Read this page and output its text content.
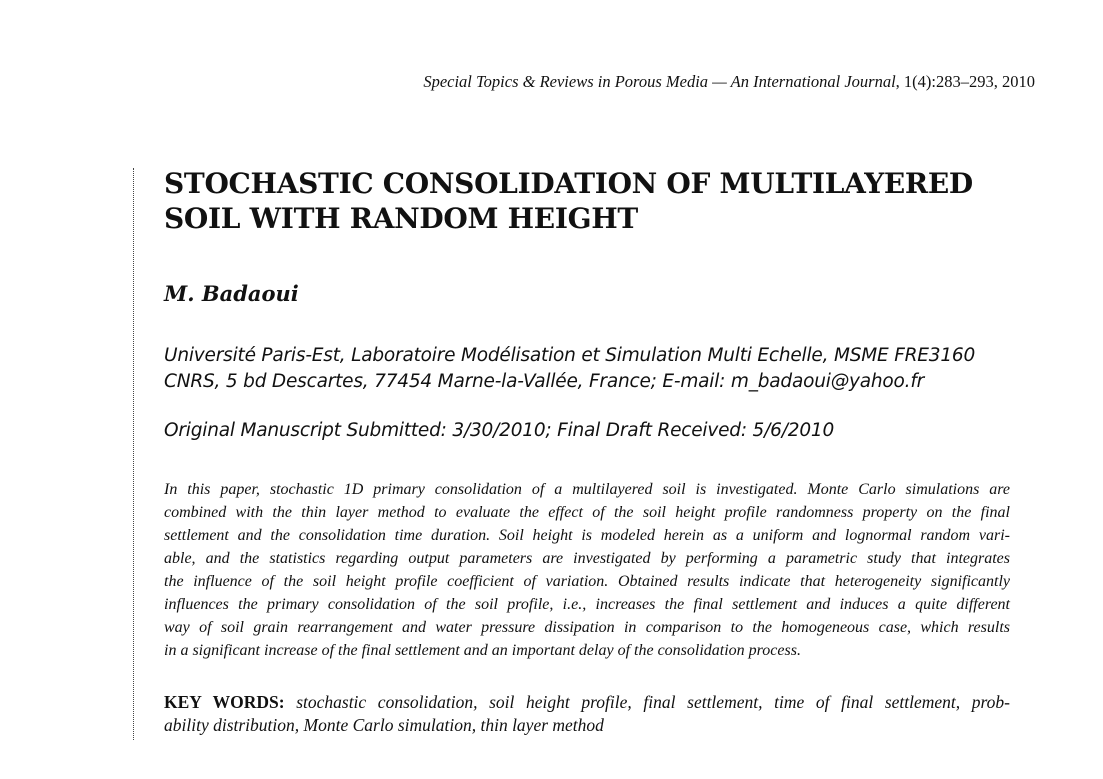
Special Topics & Reviews in Porous Media — An International Journal, 1(4):283–293, 2010
STOCHASTIC CONSOLIDATION OF MULTILAYERED
SOIL WITH RANDOM HEIGHT
M. Badaoui
Université Paris-Est, Laboratoire Modélisation et Simulation Multi Echelle, MSME FRE3160
CNRS, 5 bd Descartes, 77454 Marne-la-Vallée, France; E-mail: m_badaoui@yahoo.fr
Original Manuscript Submitted: 3/30/2010; Final Draft Received: 5/6/2010

In this paper, stochastic 1D primary consolidation of a multilayered soil is investigated. Monte Carlo simulations are
combined with the thin layer method to evaluate the effect of the soil height profile randomness property on the final
settlement and the consolidation time duration. Soil height is modeled herein as a uniform and lognormal random vari-
able, and the statistics regarding output parameters are investigated by performing a parametric study that integrates
the influence of the soil height profile coefficient of variation. Obtained results indicate that heterogeneity significantly
influences the primary consolidation of the soil profile, i.e., increases the final settlement and induces a quite different
way of soil grain rearrangement and water pressure dissipation in comparison to the homogeneous case, which results
in a significant increase of the final settlement and an important delay of the consolidation process.

KEY WORDS: stochastic consolidation, soil height profile, final settlement, time of final settlement, prob-
ability distribution, Monte Carlo simulation, thin layer method
